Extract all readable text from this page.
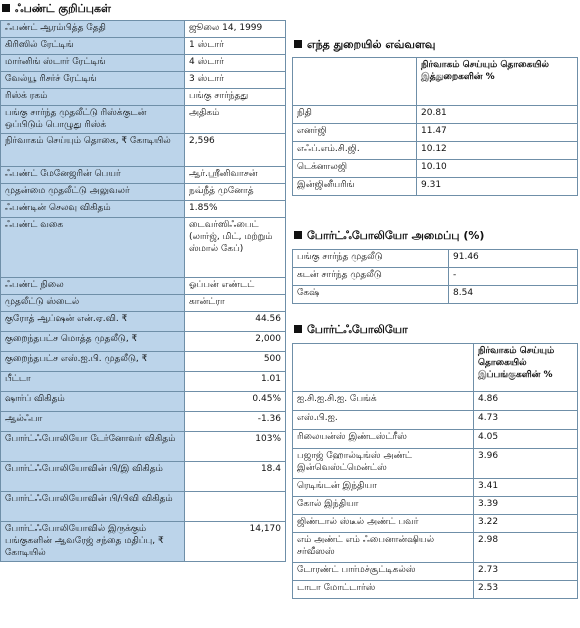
ஃபண்ட் குறிப்புகள்
ஃபண்ட் ஆரம்பித்த தேதி	ஜூலை 14, 1999
கிரிஸில் ரேட்டிங்	1 ஸ்டார்
மார்னிங் ஸ்டார் ரேட்டிங்	4 ஸ்டார்
வேல்யூ ரிசர்ச் ரேட்டிங்	3 ஸ்டார்
ரிஸ்க் ரகம்	பங்கு சார்ந்தது
பங்கு சார்ந்த முதலீட்டு ரிஸ்க்குடன் ஒப்பிடும் பொழுது ரிஸ்க்	அதிகம்
நிர்வாகம் செய்யும் தொகை, ₹ கோடியில்	2,596
ஃபண்ட் மேனேஜரின் பெயர்	ஆர்.ஸ்ரீனிவாசன்
முதன்மை முதலீட்டு அலுவலர்	நவ்நீத் முனோத்
ஃபண்டின் செலவு விகிதம்	1.85%
ஃபண்ட் வகை	டைவர்ஸிஃபைட் (லார்ஜ், மிட், மற்றும் ஸ்மால் கேப்)
ஃபண்ட் நிலை	ஓப்பன் எண்டட்
முதலீட்டு ஸ்டைல்	கான்ட்ரா
குரோத் ஆப்ஷன் என்.ஏ.வி. ₹	44.56
குறைந்தபட்ச மொத்த முதலீடு, ₹	2,000
குறைந்தபட்ச எஸ்.ஐ.பி. முதலீடு, ₹	500
பீட்டா	1.01
ஷார்ப் விகிதம்	0.45%
ஆல்ஃபா	-1.36
போர்ட்ஃபோலியோ டேர்னோவர் விகிதம்	103%
போர்ட்ஃபோலியோவின் பி/இ விகிதம்	18.4
போர்ட்ஃபோலியோவின் பி/பிவி விகிதம்	
போர்ட்ஃபோலியோவில் இருக்கும் பங்குகளின் ஆவரேஜ் சந்தை மதிப்பு, ₹ கோடியில்	14,170
எந்த துறையில் எவ்வளவு
ஃபண்ட் வைத்திருக்கும் டாப் 5 துறைகள்	நிர்வாகம் செய்யும் தொகையில் இத்துறைகளின் %
நிதி	20.81
எனர்ஜி	11.47
எஃப்.எம்.சி.ஜி.	10.12
டெக்னாலஜி	10.10
இன்ஜினீயரிங்	9.31
போர்ட்ஃபோலியோ அமைப்பு (%)
பங்கு சார்ந்த முதலீடு	91.46
கடன் சார்ந்த முதலீடு	-
கேஷ்	8.54
போர்ட்ஃபோலியோ
ஃபண்ட் வைத்திருக்கும் டாப் 10 பங்குகள்	நிர்வாகம் செய்யும் தொகையில் இப்பங்குகளின் %
ஐ.சி.ஐ.சி.ஐ. பேங்க்	4.86
எஸ்.பி.ஐ.	4.73
ரிலையன்ஸ் இண்டஸ்ட்ரீஸ்	4.05
பஜாஜ் ஹோல்டிங்ஸ் அண்ட் இன்வெஸ்ட்மென்ட்ஸ்	3.96
ரெடிங்டன் இந்தியா	3.41
கோல் இந்தியா	3.39
ஜிண்டால் ஸ்டீல் அண்ட் பவர்	3.22
எம் அண்ட் எம் ஃபைனான்ஷியல் சர்வீஸஸ்	2.98
டோரண்ட் பார்மச்சூட்டிகல்ஸ்	2.73
டாடா மோட்டார்ஸ்	2.53
